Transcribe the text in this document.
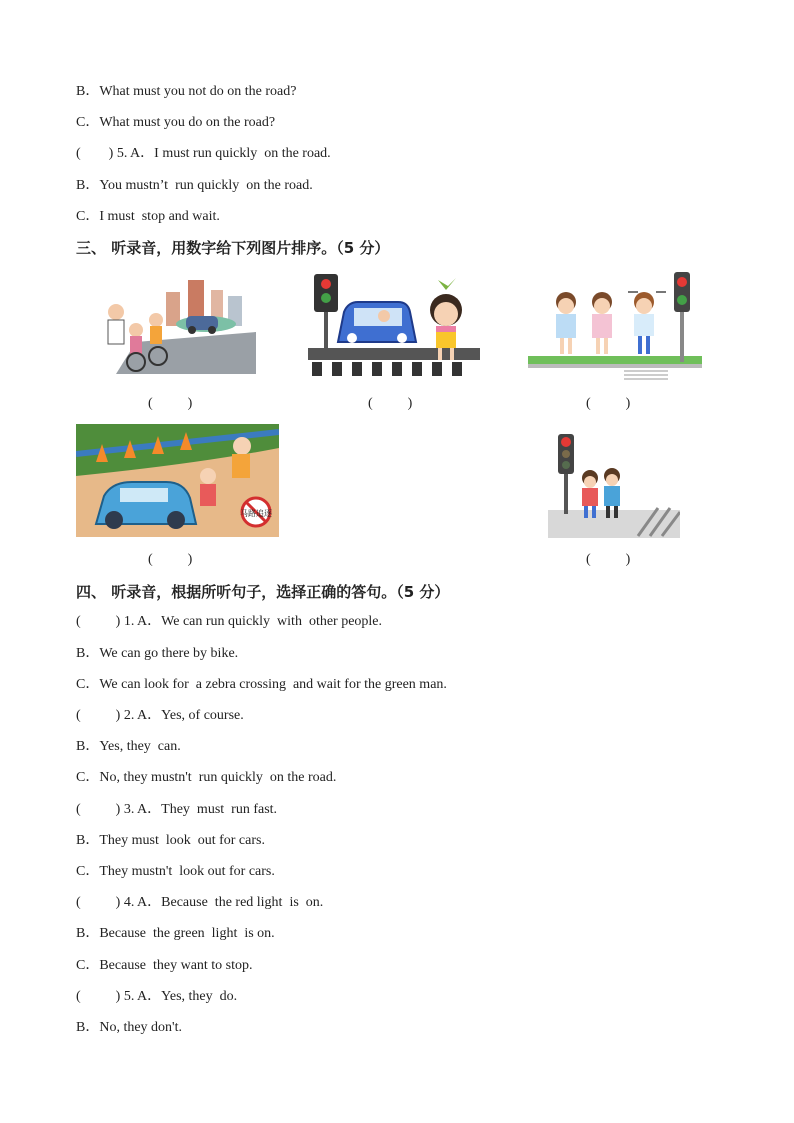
B．What must you not do on the road?
C．What must you do on the road?
(        ) 5. A．I must run quickly  on the road.
B．You mustn’t  run quickly  on the road.
C．I must  stop and wait.
三、 听录音，用数字给下列图片排序。（5 分）
(          )	(          )	(          )
马路追逐
(          )	(          )
四、 听录音，根据所听句子，选择正确的答句。（5 分）
(          ) 1. A．We can run quickly  with  other people.
B．We can go there by bike.
C．We can look for  a zebra crossing  and wait for the green man.
(          ) 2. A．Yes, of course.
B．Yes, they  can.
C．No, they mustn't  run quickly  on the road.
(          ) 3. A．They  must  run fast.
B．They must  look  out for cars.
C．They mustn't  look out for cars.
(          ) 4. A．Because  the red light  is  on.
B．Because  the green  light  is on.
C．Because  they want to stop.
(          ) 5. A．Yes, they  do.
B．No, they don't.
